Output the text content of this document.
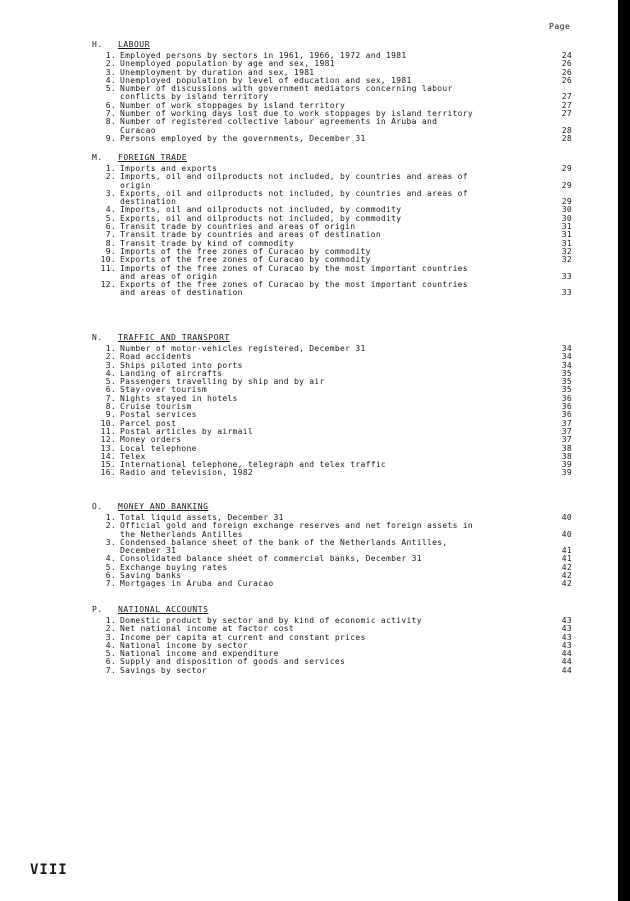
Page
H. LABOUR
1. Employed persons by sectors in 1961, 1966, 1972 and 1981	24
2. Unemployed population by age and sex, 1981	26
3. Unemployment by duration and sex, 1981	26
4. Unemployed population by level of education and sex, 1981	26
5. Number of discussions with government mediators concerning labour
conflicts by island territory	27
6. Number of work stoppages by island territory	27
7. Number of working days lost due to work stoppages by island territory	27
8. Number of registered collective labour agreements in Aruba and Curacao	28
9. Persons employed by the governments, December 31	28
M. FOREIGN TRADE
1. Imports and exports	29
2. Imports, oil and oilproducts not included, by countries and areas of
origin	29
3. Exports, oil and oilproducts not included, by countries and areas of
destination	29
4. Imports, oil and oilproducts not included, by commodity	30
5. Exports, oil and oilproducts not included, by commodity	30
6. Transit trade by countries and areas of origin	31
7. Transit trade by countries and areas of destination	31
8. Transit trade by kind of commodity	31
9. Imports of the free zones of Curacao by commodity	32
10. Exports of the free zones of Curacao by commodity	32
11. Imports of the free zones of Curacao by the most important countries
and areas of origin	33
12. Exports of the free zones of Curacao by the most important countries
and areas of destination	33
N. TRAFFIC AND TRANSPORT
1. Number of motor-vehicles registered, December 31	34
2. Road accidents	34
3. Ships piloted into ports	34
4. Landing of aircrafts	35
5. Passengers travelling by ship and by air	35
6. Stay-over tourism	35
7. Nights stayed in hotels	36
8. Cruise tourism	36
9. Postal services	36
10. Parcel post	37
11. Postal articles by airmail	37
12. Money orders	37
13. Local telephone	38
14. Telex	38
15. International telephone, telegraph and telex traffic	39
16. Radio and television, 1982	39
O. MONEY AND BANKING
1. Total liquid assets, December 31	40
2. Official gold and foreign exchange reserves and net foreign assets in
the Netherlands Antilles	40
3. Condensed balance sheet of the bank of the Netherlands Antilles,
December 31	41
4. Consolidated balance sheet of commercial banks, December 31	41
5. Exchange buying rates	42
6. Saving banks	42
7. Mortgages in Aruba and Curacao	42
P. NATIONAL ACCOUNTS
1. Domestic product by sector and by kind of economic activity	43
2. Net national income at factor cost	43
3. Income per capita at current and constant prices	43
4. National income by sector	43
5. National income and expenditure	44
6. Supply and disposition of goods and services	44
7. Savings by sector	44
VIII
